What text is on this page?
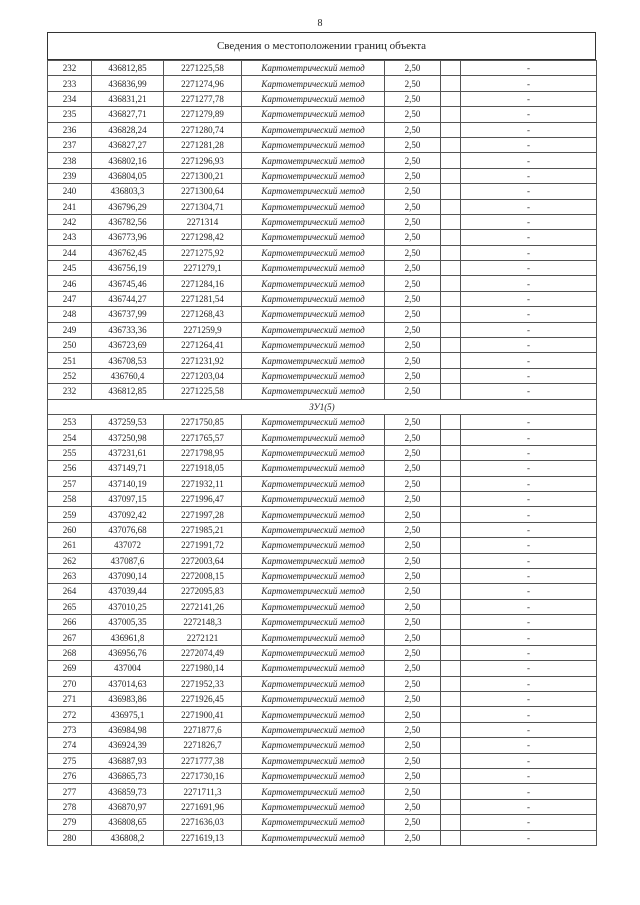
8
Сведения о местоположении границ объекта
232	436812,85	2271225,58	Картометрический метод	2,50		-
233	436836,99	2271274,96	Картометрический метод	2,50		-
234	436831,21	2271277,78	Картометрический метод	2,50		-
235	436827,71	2271279,89	Картометрический метод	2,50		-
236	436828,24	2271280,74	Картометрический метод	2,50		-
237	436827,27	2271281,28	Картометрический метод	2,50		-
238	436802,16	2271296,93	Картометрический метод	2,50		-
239	436804,05	2271300,21	Картометрический метод	2,50		-
240	436803,3	2271300,64	Картометрический метод	2,50		-
241	436796,29	2271304,71	Картометрический метод	2,50		-
242	436782,56	2271314	Картометрический метод	2,50		-
243	436773,96	2271298,42	Картометрический метод	2,50		-
244	436762,45	2271275,92	Картометрический метод	2,50		-
245	436756,19	2271279,1	Картометрический метод	2,50		-
246	436745,46	2271284,16	Картометрический метод	2,50		-
247	436744,27	2271281,54	Картометрический метод	2,50		-
248	436737,99	2271268,43	Картометрический метод	2,50		-
249	436733,36	2271259,9	Картометрический метод	2,50		-
250	436723,69	2271264,41	Картометрический метод	2,50		-
251	436708,53	2271231,92	Картометрический метод	2,50		-
252	436760,4	2271203,04	Картометрический метод	2,50		-
232	436812,85	2271225,58	Картометрический метод	2,50		-
ЗУ1(5)						
253	437259,53	2271750,85	Картометрический метод	2,50		-
254	437250,98	2271765,57	Картометрический метод	2,50		-
255	437231,61	2271798,95	Картометрический метод	2,50		-
256	437149,71	2271918,05	Картометрический метод	2,50		-
257	437140,19	2271932,11	Картометрический метод	2,50		-
258	437097,15	2271996,47	Картометрический метод	2,50		-
259	437092,42	2271997,28	Картометрический метод	2,50		-
260	437076,68	2271985,21	Картометрический метод	2,50		-
261	437072	2271991,72	Картометрический метод	2,50		-
262	437087,6	2272003,64	Картометрический метод	2,50		-
263	437090,14	2272008,15	Картометрический метод	2,50		-
264	437039,44	2272095,83	Картометрический метод	2,50		-
265	437010,25	2272141,26	Картометрический метод	2,50		-
266	437005,35	2272148,3	Картометрический метод	2,50		-
267	436961,8	2272121	Картометрический метод	2,50		-
268	436956,76	2272074,49	Картометрический метод	2,50		-
269	437004	2271980,14	Картометрический метод	2,50		-
270	437014,63	2271952,33	Картометрический метод	2,50		-
271	436983,86	2271926,45	Картометрический метод	2,50		-
272	436975,1	2271900,41	Картометрический метод	2,50		-
273	436984,98	2271877,6	Картометрический метод	2,50		-
274	436924,39	2271826,7	Картометрический метод	2,50		-
275	436887,93	2271777,38	Картометрический метод	2,50		-
276	436865,73	2271730,16	Картометрический метод	2,50		-
277	436859,73	2271711,3	Картометрический метод	2,50		-
278	436870,97	2271691,96	Картометрический метод	2,50		-
279	436808,65	2271636,03	Картометрический метод	2,50		-
280	436808,2	2271619,13	Картометрический метод	2,50		-
